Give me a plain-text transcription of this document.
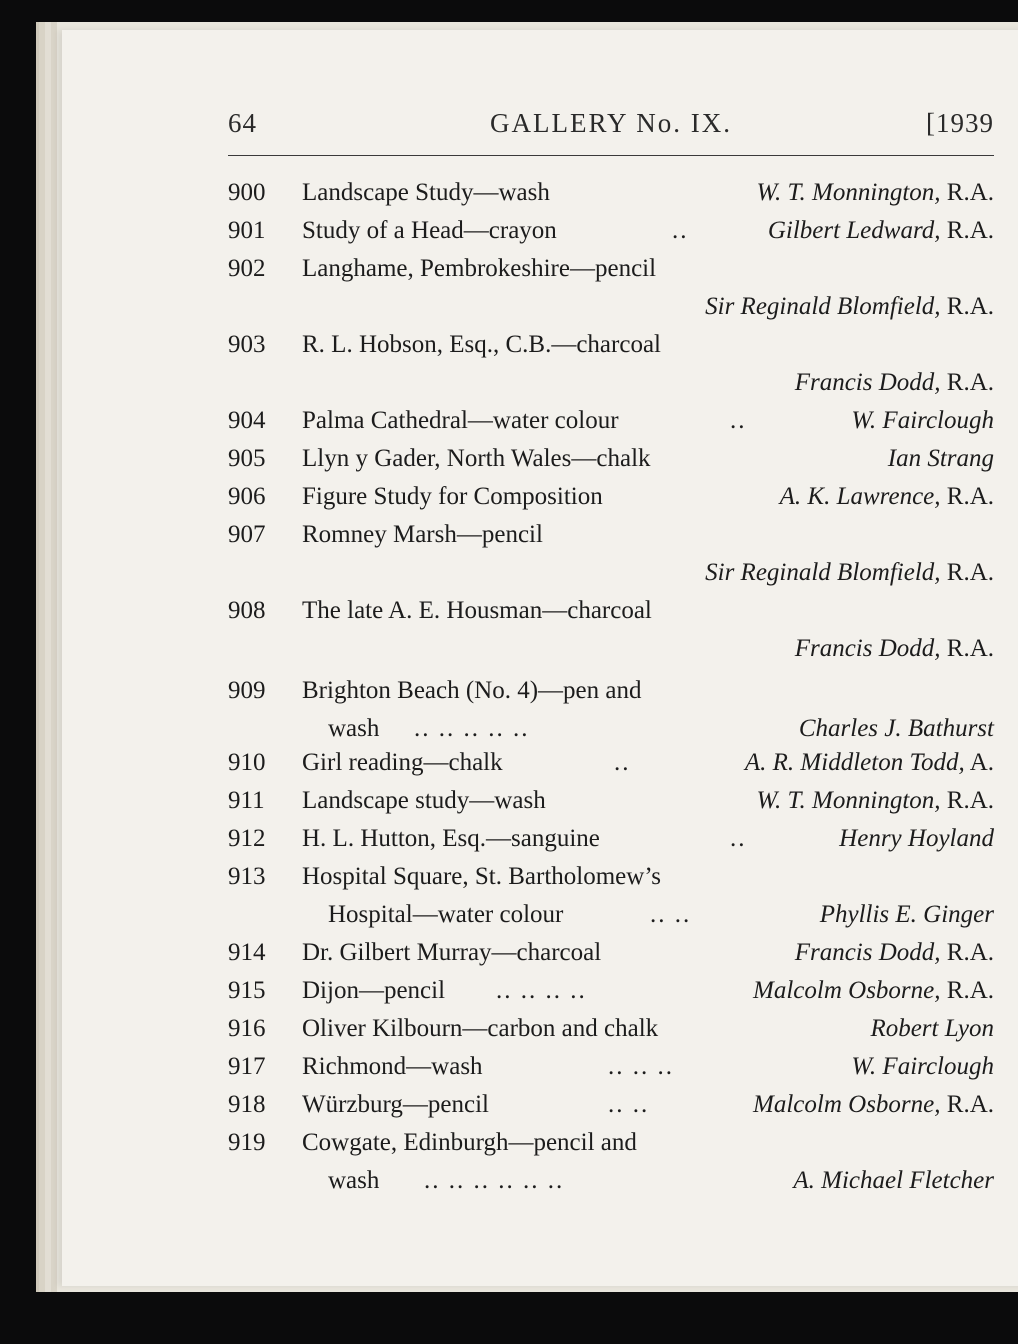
64	GALLERY No. IX.	[1939
900	Landscape Study—wash	W. T. Monnington, R.A.
901	Study of a Head—crayon	..	Gilbert Ledward, R.A.
902	Langhame, Pembrokeshire—pencil
Sir Reginald Blomfield, R.A.
903	R. L. Hobson, Esq., C.B.—charcoal
Francis Dodd, R.A.
904	Palma Cathedral—water colour	..	W. Fairclough
905	Llyn y Gader, North Wales—chalk	Ian Strang
906	Figure Study for Composition	A. K. Lawrence, R.A.
907	Romney Marsh—pencil
Sir Reginald Blomfield, R.A.
908	The late A. E. Housman—charcoal
Francis Dodd, R.A.
909	Brighton Beach (No. 4)—pen and
wash .. .. .. .. ..	Charles J. Bathurst
910	Girl reading—chalk	..	A. R. Middleton Todd, A.
911	Landscape study—wash	W. T. Monnington, R.A.
912	H. L. Hutton, Esq.—sanguine	..	Henry Hoyland
913	Hospital Square, St. Bartholomew’s
Hospital—water colour	.. ..	Phyllis E. Ginger
914	Dr. Gilbert Murray—charcoal	Francis Dodd, R.A.
915	Dijon—pencil .. .. .. ..	Malcolm Osborne, R.A.
916	Oliver Kilbourn—carbon and chalk	Robert Lyon
917	Richmond—wash	.. .. ..	W. Fairclough
918	Würzburg—pencil	.. ..	Malcolm Osborne, R.A.
919	Cowgate, Edinburgh—pencil and
wash .. .. .. .. .. ..	A. Michael Fletcher
